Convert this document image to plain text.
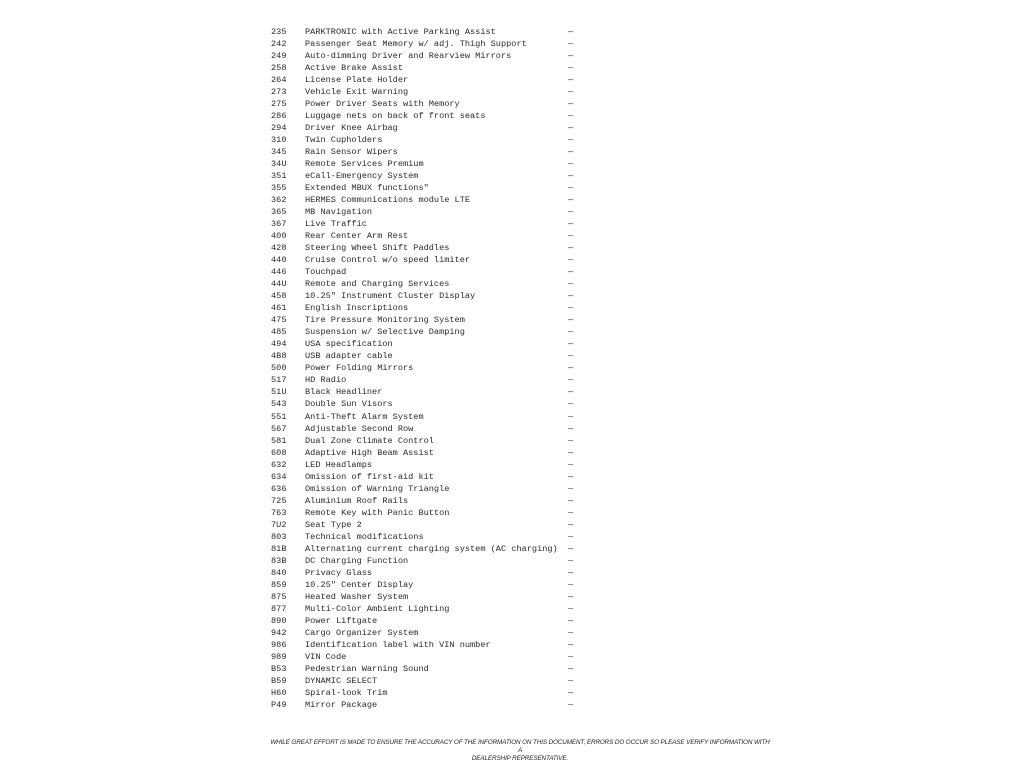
235 PARKTRONIC with Active Parking Assist	—
242 Passenger Seat Memory w/ adj. Thigh Support	—
249 Auto-dimming Driver and Rearview Mirrors	—
258 Active Brake Assist	—
264 License Plate Holder	—
273 Vehicle Exit Warning	—
275 Power Driver Seats with Memory	—
286 Luggage nets on back of front seats	—
294 Driver Knee Airbag	—
310 Twin Cupholders	—
345 Rain Sensor Wipers	—
34U Remote Services Premium	—
351 eCall-Emergency System	—
355 Extended MBUX functions"	—
362 HERMES Communications module LTE	—
365 MB Navigation	—
367 Live Traffic	—
400 Rear Center Arm Rest	—
428 Steering Wheel Shift Paddles	—
440 Cruise Control w/o speed limiter	—
446 Touchpad	—
44U Remote and Charging Services	—
458 10.25" Instrument Cluster Display	—
461 English Inscriptions	—
475 Tire Pressure Monitoring System	—
485 Suspension w/ Selective Damping	—
494 USA specification	—
4B8 USB adapter cable	—
500 Power Folding Mirrors	—
517 HD Radio	—
51U Black Headliner	—
543 Double Sun Visors	—
551 Anti-Theft Alarm System	—
567 Adjustable Second Row	—
581 Dual Zone Climate Control	—
608 Adaptive High Beam Assist	—
632 LED Headlamps	—
634 Omission of first-aid kit	—
636 Omission of Warning Triangle	—
725 Aluminium Roof Rails	—
763 Remote Key with Panic Button	—
7U2 Seat Type 2	—
803 Technical modifications	—
81B Alternating current charging system (AC charging) —
83B DC Charging Function	—
840 Privacy Glass	—
859 10.25" Center Display	—
875 Heated Washer System	—
877 Multi-Color Ambient Lighting	—
890 Power Liftgate	—
942 Cargo Organizer System	—
986 Identification label with VIN number	—
989 VIN Code	—
B53 Pedestrian Warning Sound	—
B59 DYNAMIC SELECT	—
H60 Spiral-look Trim	—
P49 Mirror Package	—
WHILE GREAT EFFORT IS MADE TO ENSURE THE ACCURACY OF THE INFORMATION ON THIS DOCUMENT, ERRORS DO OCCUR SO PLEASE VERIFY INFORMATION WITH A
DEALERSHIP REPRESENTATIVE.
